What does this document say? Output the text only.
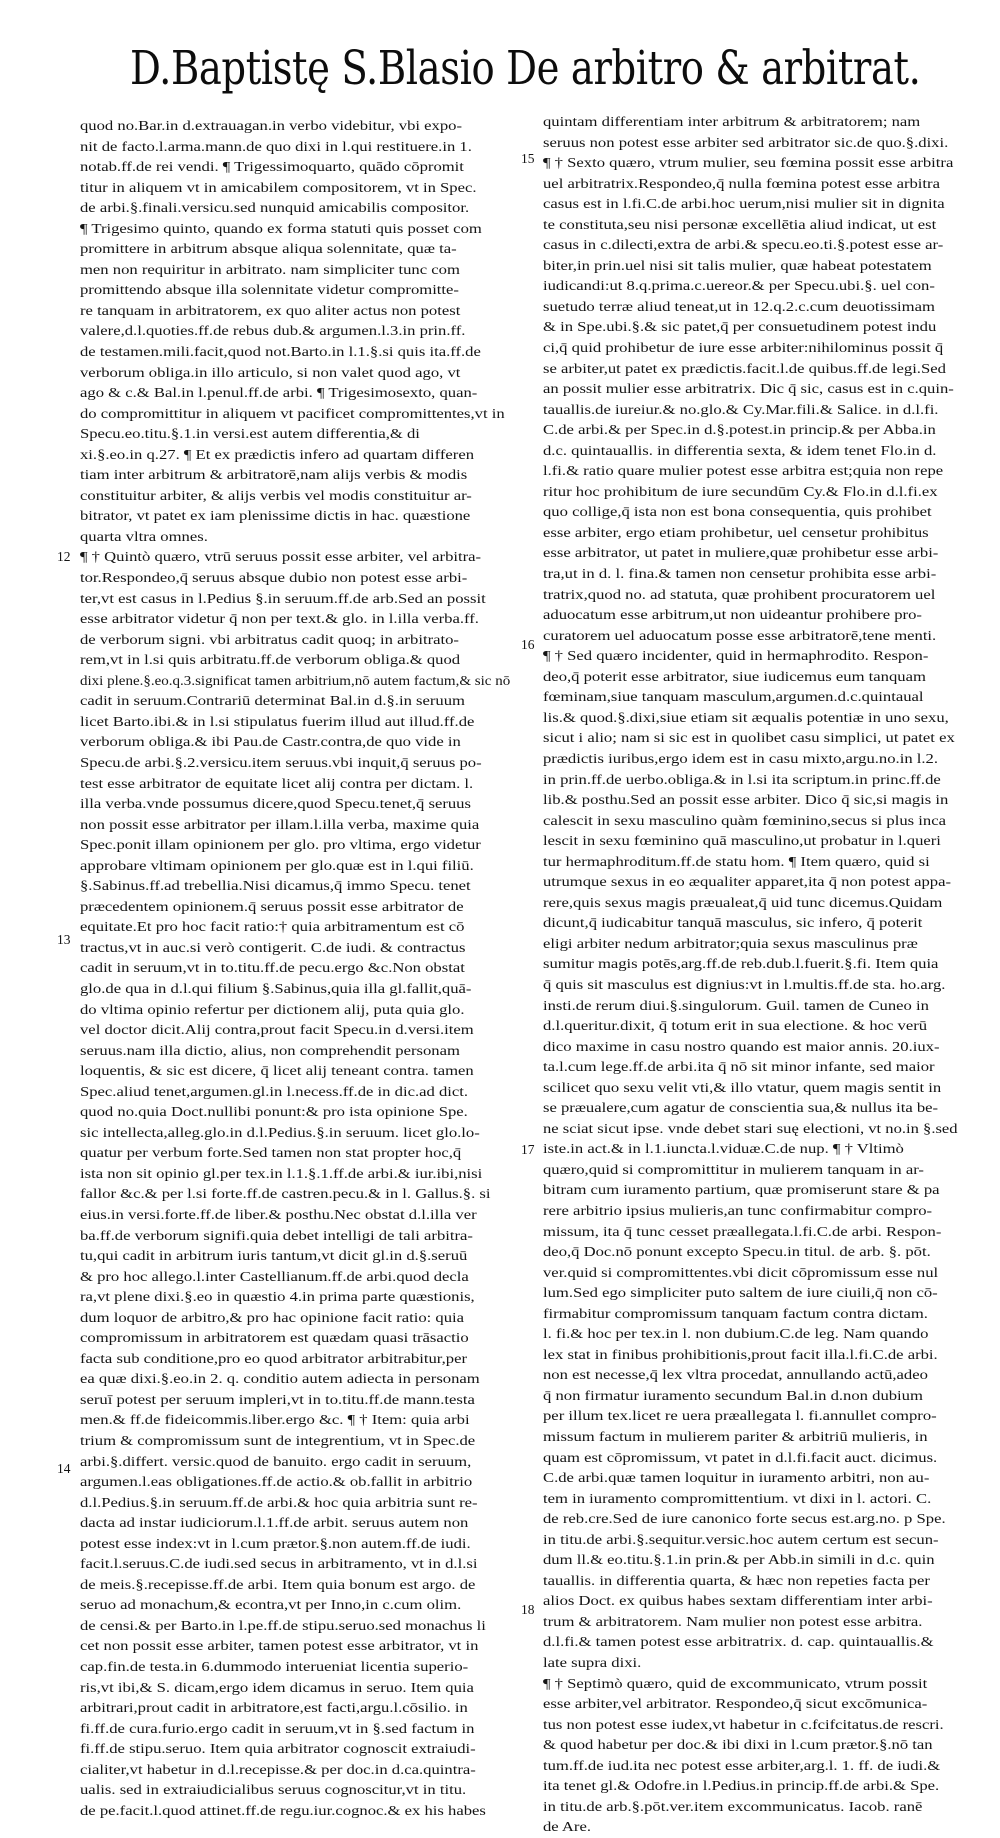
D.Baptistę S.Blasio De arbitro & arbitrat.
quod no.Bar.in d.extrauagan.in verbo videbitur, vbi expo-
nit de facto.l.arma.mann.de quo dixi in l.qui restituere.in 1.
notab.ff.de rei vendi. ¶ Trigessimoquarto, quādo cōpromit
titur in aliquem vt in amicabilem compositorem, vt in Spec.
de arbi.§.finali.versicu.sed nunquid amicabilis compositor.
¶ Trigesimo quinto, quando ex forma statuti quis posset com
promittere in arbitrum absque aliqua solennitate, quæ ta-
men non requiritur in arbitrato. nam simpliciter tunc com
promittendo absque illa solennitate videtur compromitte-
re tanquam in arbitratorem, ex quo aliter actus non potest
valere,d.l.quoties.ff.de rebus dub.& argumen.l.3.in prin.ff.
de testamen.mili.facit,quod not.Barto.in l.1.§.si quis ita.ff.de
verborum obliga.in illo articulo, si non valet quod ago, vt
ago & c.& Bal.in l.penul.ff.de arbi. ¶ Trigesimosexto, quan-
do compromittitur in aliquem vt pacificet compromittentes,vt in
Specu.eo.titu.§.1.in versi.est autem differentia,& di
xi.§.eo.in q.27. ¶ Et ex prædictis infero ad quartam differen
tiam inter arbitrum & arbitratorē,nam alijs verbis & modis
constituitur arbiter, & alijs verbis vel modis constituitur ar-
bitrator, vt patet ex iam plenissime dictis in hac. quæstione
quarta vltra omnes.
¶ † Quintò quæro, vtrū seruus possit esse arbiter, vel arbitra-
tor.Respondeo,q̄ seruus absque dubio non potest esse arbi-
ter,vt est casus in l.Pedius §.in seruum.ff.de arb.Sed an possit
esse arbitrator videtur q̄ non per text.& glo. in l.illa verba.ff.
de verborum signi. vbi arbitratus cadit quoq; in arbitrato-
rem,vt in l.si quis arbitratu.ff.de verborum obliga.& quod
dixi plene.§.eo.q.3.significat tamen arbitrium,nō autem factum,& sic nō
cadit in seruum.Contrariū determinat Bal.in d.§.in seruum
licet Barto.ibi.& in l.si stipulatus fuerim illud aut illud.ff.de
verborum obliga.& ibi Pau.de Castr.contra,de quo vide in
Specu.de arbi.§.2.versicu.item seruus.vbi inquit,q̄ seruus po-
test esse arbitrator de equitate licet alij contra per dictam. l.
illa verba.vnde possumus dicere,quod Specu.tenet,q̄ seruus
non possit esse arbitrator per illam.l.illa verba, maxime quia
Spec.ponit illam opinionem per glo. pro vltima, ergo videtur
approbare vltimam opinionem per glo.quæ est in l.qui filiū.
§.Sabinus.ff.ad trebellia.Nisi dicamus,q̄ immo Specu. tenet
præcedentem opinionem.q̄ seruus possit esse arbitrator de
equitate.Et pro hoc facit ratio:† quia arbitramentum est cō
tractus,vt in auc.si verò contigerit. C.de iudi. & contractus
cadit in seruum,vt in to.titu.ff.de pecu.ergo &c.Non obstat
glo.de qua in d.l.qui filium §.Sabinus,quia illa gl.fallit,quā-
do vltima opinio refertur per dictionem alij, puta quia glo.
vel doctor dicit.Alij contra,prout facit Specu.in d.versi.item
seruus.nam illa dictio, alius, non comprehendit personam
loquentis, & sic est dicere, q̄ licet alij teneant contra. tamen
Spec.aliud tenet,argumen.gl.in l.necess.ff.de in dic.ad dict.
quod no.quia Doct.nullibi ponunt:& pro ista opinione Spe.
sic intellecta,alleg.glo.in d.l.Pedius.§.in seruum. licet glo.lo-
quatur per verbum forte.Sed tamen non stat propter hoc,q̄
ista non sit opinio gl.per tex.in l.1.§.1.ff.de arbi.& iur.ibi,nisi
fallor &c.& per l.si forte.ff.de castren.pecu.& in l. Gallus.§. si
eius.in versi.forte.ff.de liber.& posthu.Nec obstat d.l.illa ver
ba.ff.de verborum signifi.quia debet intelligi de tali arbitra-
tu,qui cadit in arbitrum iuris tantum,vt dicit gl.in d.§.seruū
& pro hoc allego.l.inter Castellianum.ff.de arbi.quod decla
ra,vt plene dixi.§.eo in quæstio 4.in prima parte quæstionis,
dum loquor de arbitro,& pro hac opinione facit ratio: quia
compromissum in arbitratorem est quædam quasi trāsactio
facta sub conditione,pro eo quod arbitrator arbitrabitur,per
ea quæ dixi.§.eo.in 2. q. conditio autem adiecta in personam
seruī potest per seruum impleri,vt in to.titu.ff.de mann.testa
men.& ff.de fideicommis.liber.ergo &c. ¶ † Item: quia arbi
trium & compromissum sunt de integrentium, vt in Spec.de
arbi.§.differt. versic.quod de banuito. ergo cadit in seruum,
argumen.l.eas obligationes.ff.de actio.& ob.fallit in arbitrio
d.l.Pedius.§.in seruum.ff.de arbi.& hoc quia arbitria sunt re-
dacta ad instar iudiciorum.l.1.ff.de arbit. seruus autem non
potest esse index:vt in l.cum prætor.§.non autem.ff.de iudi.
facit.l.seruus.C.de iudi.sed secus in arbitramento, vt in d.l.si
de meis.§.recepisse.ff.de arbi. Item quia bonum est argo. de
seruo ad monachum,& econtra,vt per Inno,in c.cum olim.
de censi.& per Barto.in l.pe.ff.de stipu.seruo.sed monachus li
cet non possit esse arbiter, tamen potest esse arbitrator, vt in
cap.fin.de testa.in 6.dummodo interueniat licentia superio-
ris,vt ibi,& S. dicam,ergo idem dicamus in seruo. Item quia
arbitrari,prout cadit in arbitratore,est facti,argu.l.cōsilio. in
fi.ff.de cura.furio.ergo cadit in seruum,vt in §.sed factum in
fi.ff.de stipu.seruo. Item quia arbitrator cognoscit extraiudi-
cialiter,vt habetur in d.l.recepisse.& per doc.in d.ca.quintra-
ualis. sed in extraiudicialibus seruus cognoscitur,vt in titu.
de pe.facit.l.quod attinet.ff.de regu.iur.cognoc.& ex his habes
quintam differentiam inter arbitrum & arbitratorem; nam
seruus non potest esse arbiter sed arbitrator sic.de quo.§.dixi.
¶ † Sexto quæro, vtrum mulier, seu fœmina possit esse arbitra
uel arbitratrix.Respondeo,q̄ nulla fœmina potest esse arbitra
casus est in l.fi.C.de arbi.hoc uerum,nisi mulier sit in dignita
te constituta,seu nisi personæ excellētia aliud indicat, ut est
casus in c.dilecti,extra de arbi.& specu.eo.ti.§.potest esse ar-
biter,in prin.uel nisi sit talis mulier, quæ habeat potestatem
iudicandi:ut 8.q.prima.c.uereor.& per Specu.ubi.§. uel con-
suetudo terræ aliud teneat,ut in 12.q.2.c.cum deuotissimam
& in Spe.ubi.§.& sic patet,q̄ per consuetudinem potest indu
ci,q̄ quid prohibetur de iure esse arbiter:nihilominus possit q̄
se arbiter,ut patet ex prædictis.facit.l.de quibus.ff.de legi.Sed
an possit mulier esse arbitratrix. Dic q̄ sic, casus est in c.quin-
tauallis.de iureiur.& no.glo.& Cy.Mar.fili.& Salice. in d.l.fi.
C.de arbi.& per Spec.in d.§.potest.in princip.& per Abba.in
d.c. quintauallis. in differentia sexta, & idem tenet Flo.in d.
l.fi.& ratio quare mulier potest esse arbitra est;quia non repe
ritur hoc prohibitum de iure secundūm Cy.& Flo.in d.l.fi.ex
quo collige,q̄ ista non est bona consequentia, quis prohibet
esse arbiter, ergo etiam prohibetur, uel censetur prohibitus
esse arbitrator, ut patet in muliere,quæ prohibetur esse arbi-
tra,ut in d. l. fina.& tamen non censetur prohibita esse arbi-
tratrix,quod no. ad statuta, quæ prohibent procuratorem uel
aduocatum esse arbitrum,ut non uideantur prohibere pro-
curatorem uel aduocatum posse esse arbitratorē,tene menti.
¶ † Sed quæro incidenter, quid in hermaphrodito. Respon-
deo,q̄ poterit esse arbitrator, siue iudicemus eum tanquam
fœminam,siue tanquam masculum,argumen.d.c.quintaual
lis.& quod.§.dixi,siue etiam sit æqualis potentiæ in uno sexu,
sicut i alio; nam si sic est in quolibet casu simplici, ut patet ex
prædictis iuribus,ergo idem est in casu mixto,argu.no.in l.2.
in prin.ff.de uerbo.obliga.& in l.si ita scriptum.in princ.ff.de
lib.& posthu.Sed an possit esse arbiter. Dico q̄ sic,si magis in
calescit in sexu masculino quàm fœminino,secus si plus inca
lescit in sexu fœminino quā masculino,ut probatur in l.queri
tur hermaphroditum.ff.de statu hom. ¶ Item quæro, quid si
utrumque sexus in eo æqualiter apparet,ita q̄ non potest appa-
rere,quis sexus magis præualeat,q̄ uid tunc dicemus.Quidam
dicunt,q̄ iudicabitur tanquā masculus, sic infero, q̄ poterit
eligi arbiter nedum arbitrator;quia sexus masculinus præ
sumitur magis potēs,arg.ff.de reb.dub.l.fuerit.§.fi. Item quia
q̄ quis sit masculus est dignius:vt in l.multis.ff.de sta. ho.arg.
insti.de rerum diui.§.singulorum. Guil. tamen de Cuneo in
d.l.queritur.dixit, q̄ totum erit in sua electione. & hoc verū
dico maxime in casu nostro quando est maior annis. 20.iux-
ta.l.cum lege.ff.de arbi.ita q̄ nō sit minor infante, sed maior
scilicet quo sexu velit vti,& illo vtatur, quem magis sentit in
se præualere,cum agatur de conscientia sua,& nullus ita be-
ne sciat sicut ipse. vnde debet stari suę electioni, vt no.in §.sed
iste.in act.& in l.1.iuncta.l.viduæ.C.de nup. ¶ † Vltimò
quæro,quid si compromittitur in mulierem tanquam in ar-
bitram cum iuramento partium, quæ promiserunt stare & pa
rere arbitrio ipsius mulieris,an tunc confirmabitur compro-
missum, ita q̄ tunc cesset præallegata.l.fi.C.de arbi. Respon-
deo,q̄ Doc.nō ponunt excepto Specu.in titul. de arb. §. pōt.
ver.quid si compromittentes.vbi dicit cōpromissum esse nul
lum.Sed ego simpliciter puto saltem de iure ciuili,q̄ non cō-
firmabitur compromissum tanquam factum contra dictam.
l. fi.& hoc per tex.in l. non dubium.C.de leg. Nam quando
lex stat in finibus prohibitionis,prout facit illa.l.fi.C.de arbi.
non est necesse,q̄ lex vltra procedat, annullando actū,adeo
q̄ non firmatur iuramento secundum Bal.in d.non dubium
per illum tex.licet re uera præallegata l. fi.annullet compro-
missum factum in mulierem pariter & arbitriū mulieris, in
quam est cōpromissum, vt patet in d.l.fi.facit auct. dicimus.
C.de arbi.quæ tamen loquitur in iuramento arbitri, non au-
tem in iuramento compromittentium. vt dixi in l. actori. C.
de reb.cre.Sed de iure canonico forte secus est.arg.no. p Spe.
in titu.de arbi.§.sequitur.versic.hoc autem certum est secun-
dum ll.& eo.titu.§.1.in prin.& per Abb.in simili in d.c. quin
tauallis. in differentia quarta, & hæc non repeties facta per
alios Doct. ex quibus habes sextam differentiam inter arbi-
trum & arbitratorem. Nam mulier non potest esse arbitra.
d.l.fi.& tamen potest esse arbitratrix. d. cap. quintauallis.&
late supra dixi.
¶ † Septimò quæro, quid de excommunicato, vtrum possit
esse arbiter,vel arbitrator. Respondeo,q̄ sicut excōmunica-
tus non potest esse iudex,vt habetur in c.fcifcitatus.de rescri.
& quod habetur per doc.& ibi dixi in l.cum prætor.§.nō tan
tum.ff.de iud.ita nec potest esse arbiter,arg.l. 1. ff. de iudi.&
ita tenet gl.& Odofre.in l.Pedius.in princip.ff.de arbi.& Spe.
in titu.de arb.§.pōt.ver.item excommunicatus. Iacob. ranē
de Are.
12
13
14
15
16
17
18
